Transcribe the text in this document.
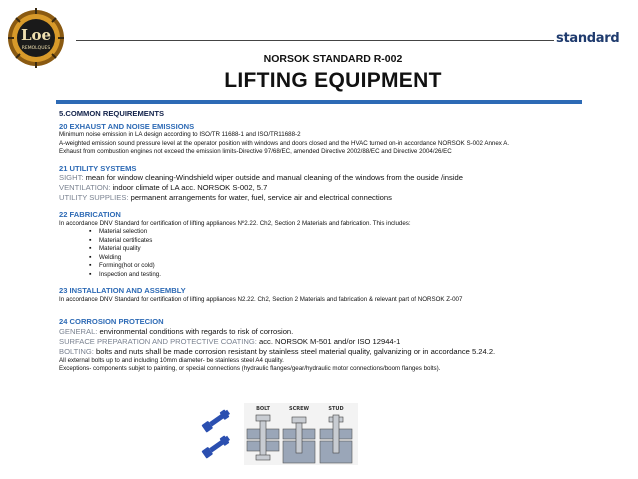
Loe
REMOLQUES
standard
NORSOK STANDARD R-002
LIFTING EQUIPMENT
5.COMMON REQUIREMENTS
20 EXHAUST AND NOISE EMISSIONS
Minimum noise emission in LA design according to ISO/TR 11688-1 and ISO/TR11688-2
A-weighted emission sound pressure level at the operator position with windows and doors closed and the HVAC turned on-in accordance NORSOK S-002 Annex A.
Exhaust from combustion engines not exceed the emission limits-Directive 97/68/EC, amended Directive 2002/88/EC and Directive 2004/26/EC
21 UTILITY SYSTEMS
SIGHT: mean for window cleaning-Windshield wiper outside and manual cleaning of the windows from the ouside /inside
VENTILATION: indoor climate of LA acc. NORSOK S-002, 5.7
UTILITY SUPPLIES: permanent arrangements for water, fuel, service air and electrical connections
22 FABRICATION
In accordance DNV Standard for certification of lifting appliances Nº2.22. Ch2, Section 2 Materials and fabrication. This includes:
▪ Material selection
▪ Material certificates
▪ Material quality
▪ Welding
▪ Forming(hot or cold)
▪ Inspection and testing.
23 INSTALLATION AND ASSEMBLY
In accordance DNV Standard for certification of lifting appliances N2.22. Ch2, Section 2 Materials and fabrication & relevant part of NORSOK Z-007
24 CORROSION PROTECION
GENERAL: environmental conditions with regards to risk of corrosion.
SURFACE PREPARATION AND PROTECTIVE COATING: acc. NORSOK M-501 and/or ISO 12944-1
BOLTING: bolts and nuts shall be made corrosion resistant by stainless steel material quality, galvanizing or in accordance 5.24.2.
All external bolts up to and including 10mm diameter- be stainless steel A4 quality.
Exceptions- components subjet to painting, or special connections (hydraulic flanges/gear/hydraulic motor connections/boom flanges bolts).
BOLT	SCREW	STUD
